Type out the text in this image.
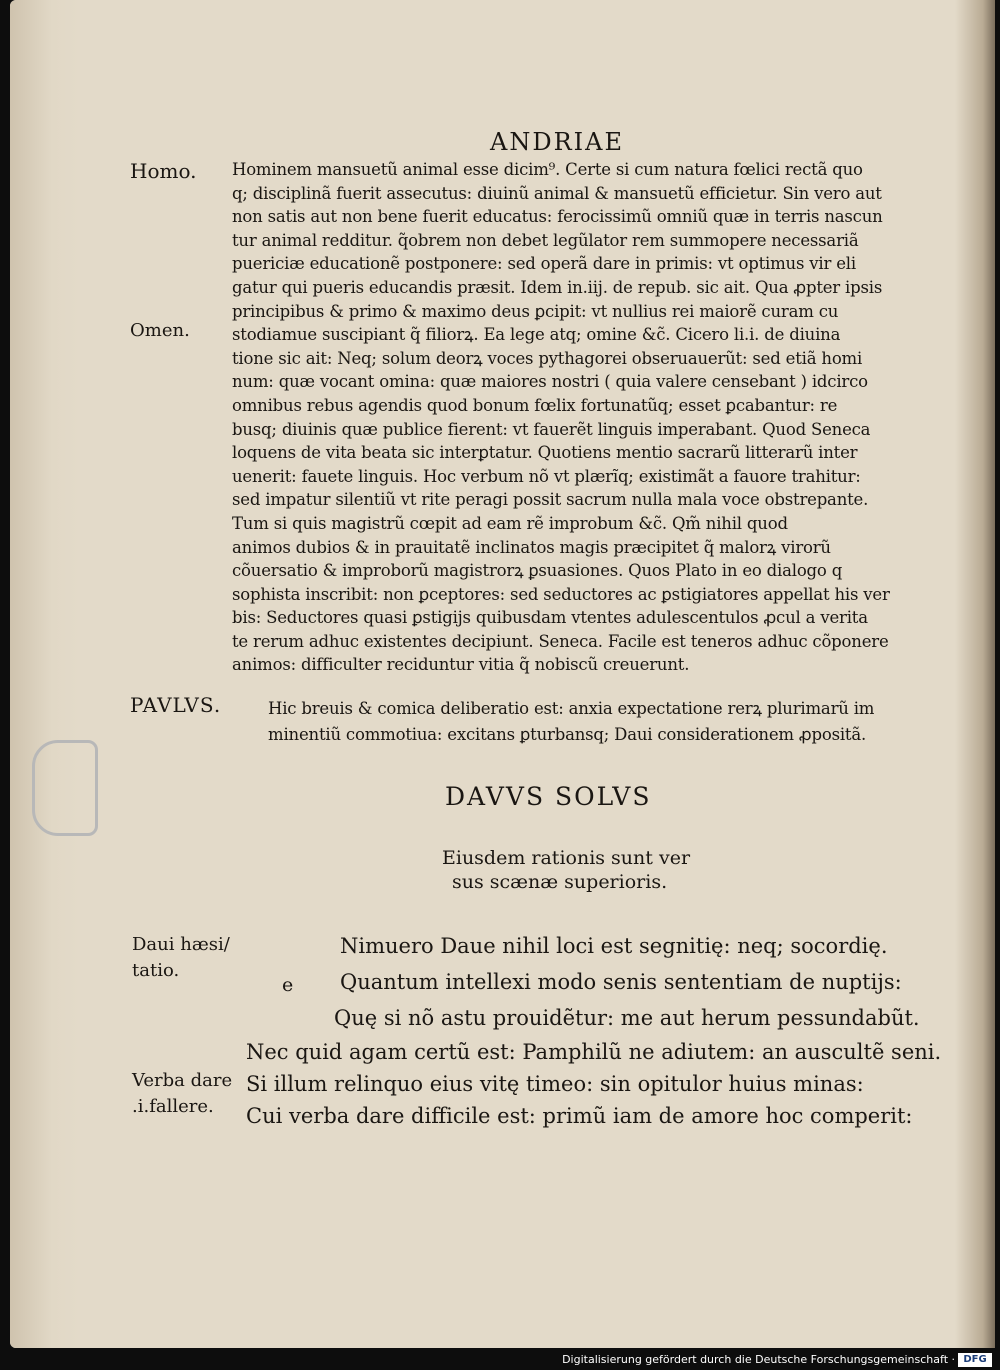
ANDRIAE
Homo.
Omen.
PAVLVS.
Daui hæsi/
tatio.
Verba dare
.i.fallere.
Hominem mansuetũ animal esse dicim⁹. Certe si cum natura fœlici rectã quo
q; disciplinã fuerit assecutus: diuinũ animal & mansuetũ efficietur. Sin vero aut
non satis aut non bene fuerit educatus: ferocissimũ omniũ quæ in terris nascun
tur animal redditur. q̃obrem non debet legũlator rem summopere necessariã
puericiæ educationẽ postponere: sed operã dare in primis: vt optimus vir eli
gatur qui pueris educandis præsit. Idem in.iij. de repub. sic ait. Qua ꝓpter ipsis
principibus & primo & maximo deus ꝑcipit: vt nullius rei maiorẽ curam cu
stodiamue suscipiant q̃ filiorꝝ. Ea lege atq; omine &c̃. Cicero li.i. de diuina
tione sic ait: Neq; solum deorꝝ voces pythagorei obseruauerũt: sed etiã homi
num: quæ vocant omina: quæ maiores nostri ( quia valere censebant ) idcirco
omnibus rebus agendis quod bonum fœlix fortunatũq; esset ꝑcabantur: re
busq; diuinis quæ publice fierent: vt fauerẽt linguis imperabant. Quod Seneca
loquens de vita beata sic interꝑtatur. Quotiens mentio sacrarũ litterarũ inter
uenerit: fauete linguis. Hoc verbum nõ vt plærĩq; existimãt a fauore trahitur:
sed impatur silentiũ vt rite peragi possit sacrum nulla mala voce obstrepante.
Tum si quis magistrũ cœpit ad eam rẽ improbum &c̃. Qm̃ nihil quod
animos dubios & in prauitatẽ inclinatos magis præcipitet q̃ malorꝝ virorũ
cõuersatio & improborũ magistrorꝝ ꝑsuasiones. Quos Plato in eo dialogo q
sophista inscribit: non ꝑceptores: sed seductores ac ꝑstigiatores appellat his ver
bis: Seductores quasi ꝑstigijs quibusdam vtentes adulescentulos ꝓcul a verita
te rerum adhuc existentes decipiunt. Seneca. Facile est teneros adhuc cõponere
animos: difficulter reciduntur vitia q̃ nobiscũ creuerunt.
Hic breuis & comica deliberatio est: anxia expectatione rerꝝ plurimarũ im
minentiũ commotiua: excitans ꝑturbansq; Daui considerationem ꝓpositã.
DAVVS SOLVS
Eiusdem rationis sunt ver
sus scænæ superioris.
e
Nimuero Daue nihil loci est segnitię: neq; socordię.
Quantum intellexi modo senis sententiam de nuptijs:
Quę si nõ astu prouidẽtur: me aut herum pessundabũt.
Nec quid agam certũ est: Pamphilũ ne adiutem: an auscultẽ seni.
Si illum relinquo eius vitę timeo: sin opitulor huius minas:
Cui verba dare difficile est: primũ iam de amore hoc comperit:
Digitalisierung gefördert durch die Deutsche Forschungsgemeinschaft · DFG
